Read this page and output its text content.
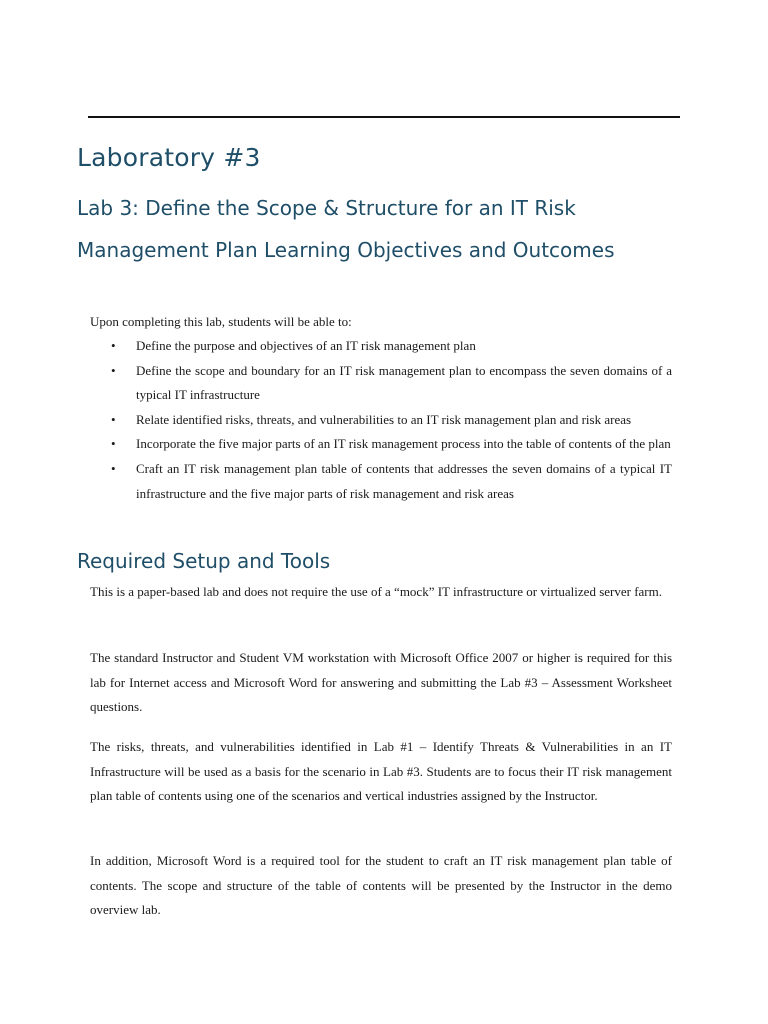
Laboratory #3
Lab 3: Define the Scope & Structure for an IT Risk Management Plan Learning Objectives and Outcomes

Upon completing this lab, students will be able to:

• Define the purpose and objectives of an IT risk management plan
• Define the scope and boundary for an IT risk management plan to encompass the seven domains of a typical IT infrastructure
• Relate identified risks, threats, and vulnerabilities to an IT risk management plan and risk areas
• Incorporate the five major parts of an IT risk management process into the table of contents of the plan
• Craft an IT risk management plan table of contents that addresses the seven domains of a typical IT infrastructure and the five major parts of risk management and risk areas
Required Setup and Tools

This is a paper-based lab and does not require the use of a “mock” IT infrastructure or virtualized server farm.

The standard Instructor and Student VM workstation with Microsoft Office 2007 or higher is required for this lab for Internet access and Microsoft Word for answering and submitting the Lab #3 – Assessment Worksheet questions.

The risks, threats, and vulnerabilities identified in Lab #1 – Identify Threats & Vulnerabilities in an IT Infrastructure will be used as a basis for the scenario in Lab #3. Students are to focus their IT risk management plan table of contents using one of the scenarios and vertical industries assigned by the Instructor.

In addition, Microsoft Word is a required tool for the student to craft an IT risk management plan table of contents. The scope and structure of the table of contents will be presented by the Instructor in the demo overview lab.
